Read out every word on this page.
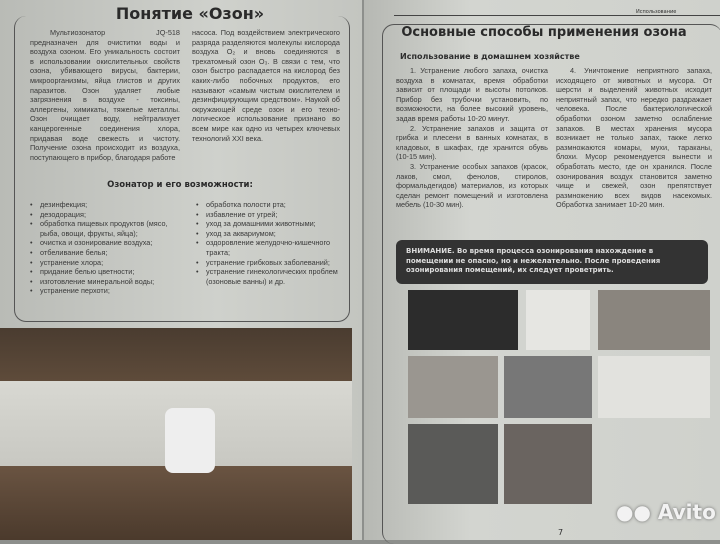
Понятие «Озон»
Мультиозонатор JQ-518 предназначен для очиститки воды и воздуха озоном. Его уникальность состоит в использовании окислительных свойств озона, убивающего вирусы, бактерии, микроорганизмы, яйца глистов и других паразитов. Озон удаляет любые загрязнения в воздухе - токсины, аллергены, химикаты, тяжелые металлы. Озон очищает воду, нейтрализует канцерогенные соединения хлора, придавая воде свежесть и чистоту. Получение озона происходит из воздуха, поступающего в прибор, благодаря работе
насоса. Под воздействием электрического разряда разделяются молекулы кислорода воздуха O₂ и вновь соединяются в трехатомный озон O₃. В связи с тем, что озон быстро распадается на кислород без каких-либо побочных продуктов, его называют «самым чистым окислителем и дезинфицирующим средством». Наукой об окружающей среде озон и его техно-логическое использование признано во всем мире как одно из четырех ключевых технологий XXI века.
Озонатор и его возможности:
• дезинфекция;
• дезодорация;
• обработка пищевых продуктов (мясо, рыба, овощи, фрукты, яйца);
• очистка и озонирование воздуха;
• отбеливание белья;
• устранение хлора;
• придание белью цветности;
• изготовление минеральной воды;
• устранение перхоти;
• обработка полости рта;
• избавление от угрей;
• уход за домашними животными;
• уход за аквариумом;
• оздоровление желудочно-кишечного тракта;
• устранение грибковых заболеваний;
• устранение гинекологических проблем (озоновые ванны) и др.
Использование
Основные способы применения озона
Использование в домашнем хозяйстве

1. Устранение любого запаха, очистка воздуха в комнатах, время обработки зависит от площади и высоты потолков. Прибор без трубочки установить, по возможности, на более высокий уровень, задав время работы 10-20 минут.

2. Устранение запахов и защита от грибка и плесени в ванных комнатах, в кладовых, в шкафах, где хранится обувь (10-15 мин).

3. Устранение особых запахов (красок, лаков, смол, фенолов, стиролов, формальдегидов) материалов, из которых сделан ремонт помещений и изготовлена мебель (10-30 мин).

4. Уничтожение неприятного запаха, исходящего от животных и мусора. От шерсти и выделений животных исходит неприятный запах, что нередко раздражает человека. После бактериологической обработки озоном заметно ослабление запахов. В местах хранения мусора возникает не только запах, также легко размножаются комары, мухи, тараканы, блохи. Мусор рекомендуется вынести и обработать место, где он хранился. После озонирования воздух становится заметно чище и свежей, озон препятствует размножению всех видов насекомых. Обработка занимает 10-20 мин.

ВНИМАНИЕ. Во время процесса озонирования нахождение в помещении не опасно, но и нежелательно. После проведения озонирования помещений, их следует проветрить.
●● Avito
7
